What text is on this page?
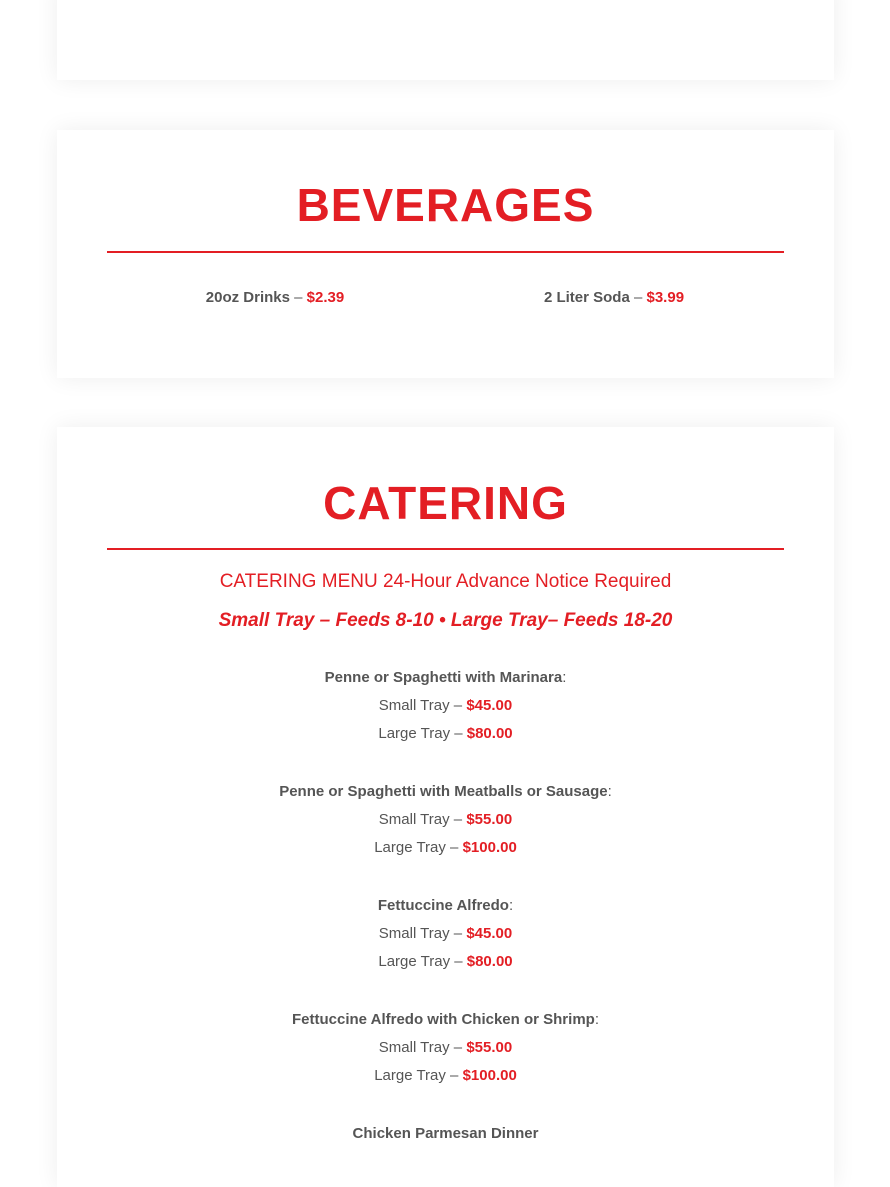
BEVERAGES
20oz Drinks – $2.39	2 Liter Soda – $3.99
CATERING
CATERING MENU 24-Hour Advance Notice Required
Small Tray – Feeds 8-10 • Large Tray– Feeds 18-20
Penne or Spaghetti with Marinara:
Small Tray – $45.00
Large Tray – $80.00
Penne or Spaghetti with Meatballs or Sausage:
Small Tray – $55.00
Large Tray – $100.00
Fettuccine Alfredo:
Small Tray – $45.00
Large Tray – $80.00
Fettuccine Alfredo with Chicken or Shrimp:
Small Tray – $55.00
Large Tray – $100.00
Chicken Parmesan Dinner
